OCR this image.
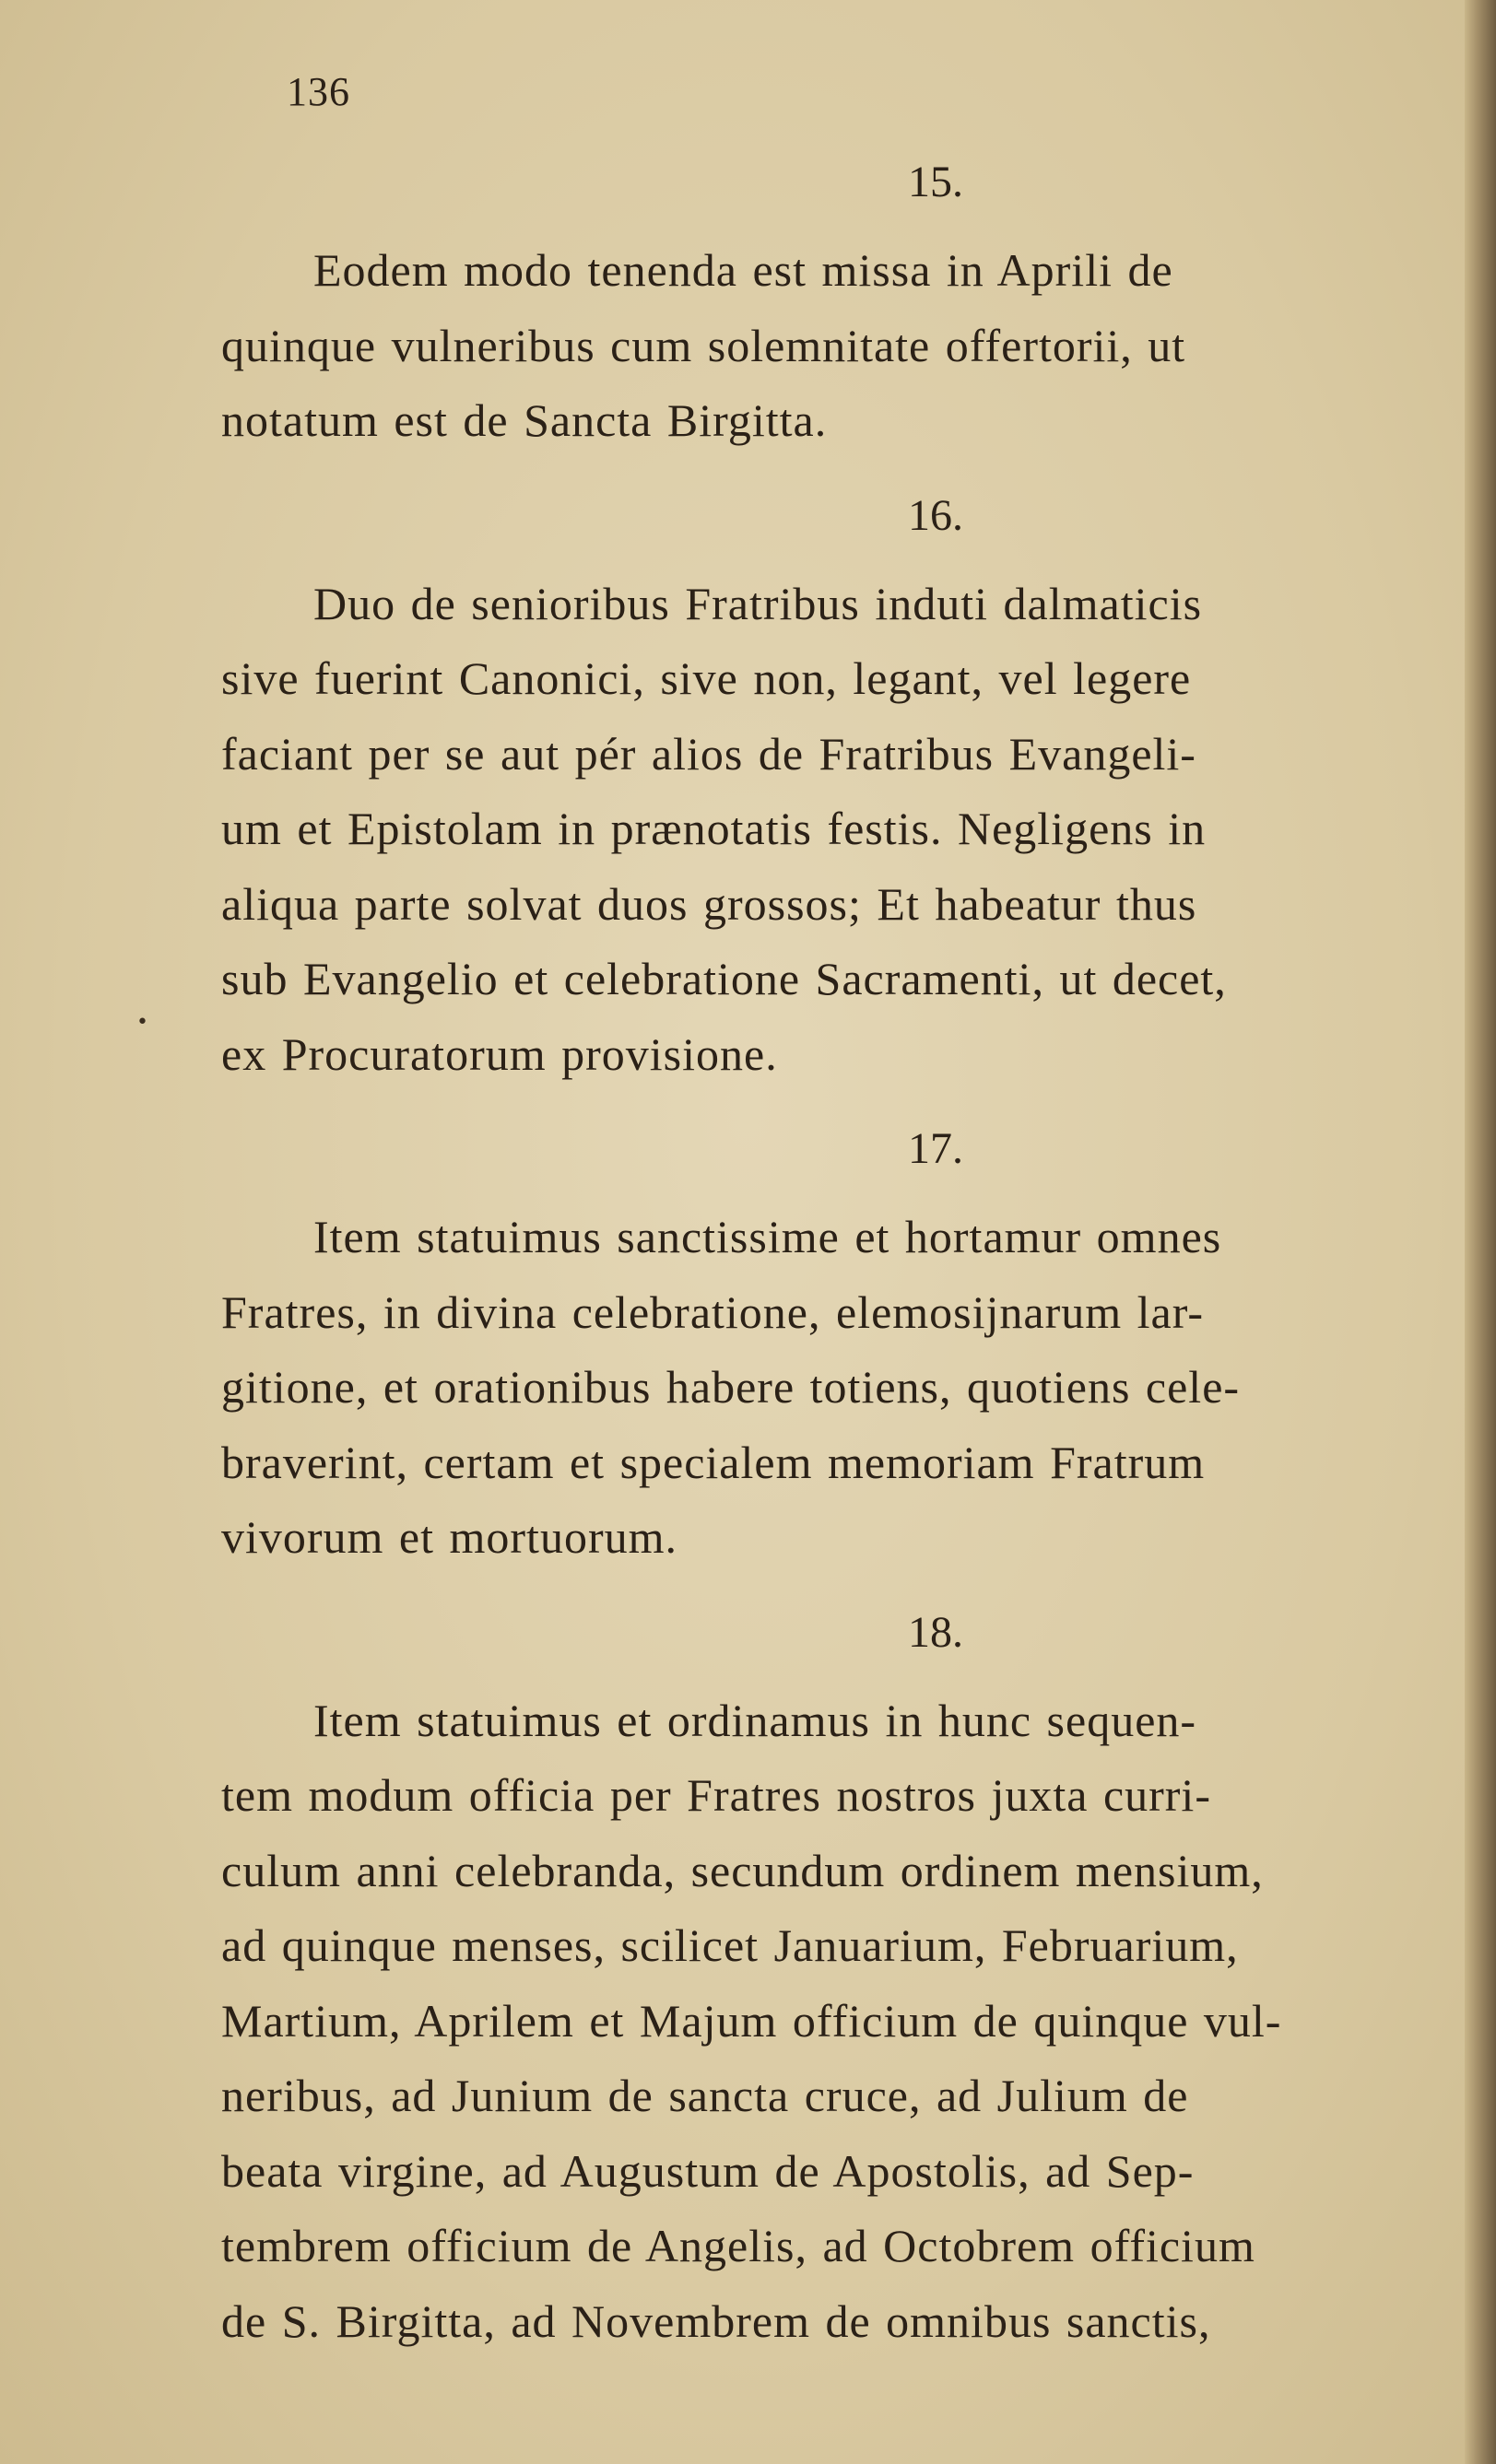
136
•
15.
Eodem modo tenenda est missa in Aprili de
quinque vulneribus cum solemnitate offertorii, ut
notatum est de Sancta Birgitta.
16.
Duo de senioribus Fratribus induti dalmaticis
sive fuerint Canonici, sive non, legant, vel legere
faciant per se aut pér alios de Fratribus Evangeli-
um et Epistolam in prænotatis festis. Negligens in
aliqua parte solvat duos grossos; Et habeatur thus
sub Evangelio et celebratione Sacramenti, ut decet,
ex Procuratorum provisione.
17.
Item statuimus sanctissime et hortamur omnes
Fratres, in divina celebratione, elemosijnarum lar-
gitione, et orationibus habere totiens, quotiens cele-
braverint, certam et specialem memoriam Fratrum
vivorum et mortuorum.
18.
Item statuimus et ordinamus in hunc sequen-
tem modum officia per Fratres nostros juxta curri-
culum anni celebranda, secundum ordinem mensium,
ad quinque menses, scilicet Januarium, Februarium,
Martium, Aprilem et Majum officium de quinque vul-
neribus, ad Junium de sancta cruce, ad Julium de
beata virgine, ad Augustum de Apostolis, ad Sep-
tembrem officium de Angelis, ad Octobrem officium
de S. Birgitta, ad Novembrem de omnibus sanctis,
